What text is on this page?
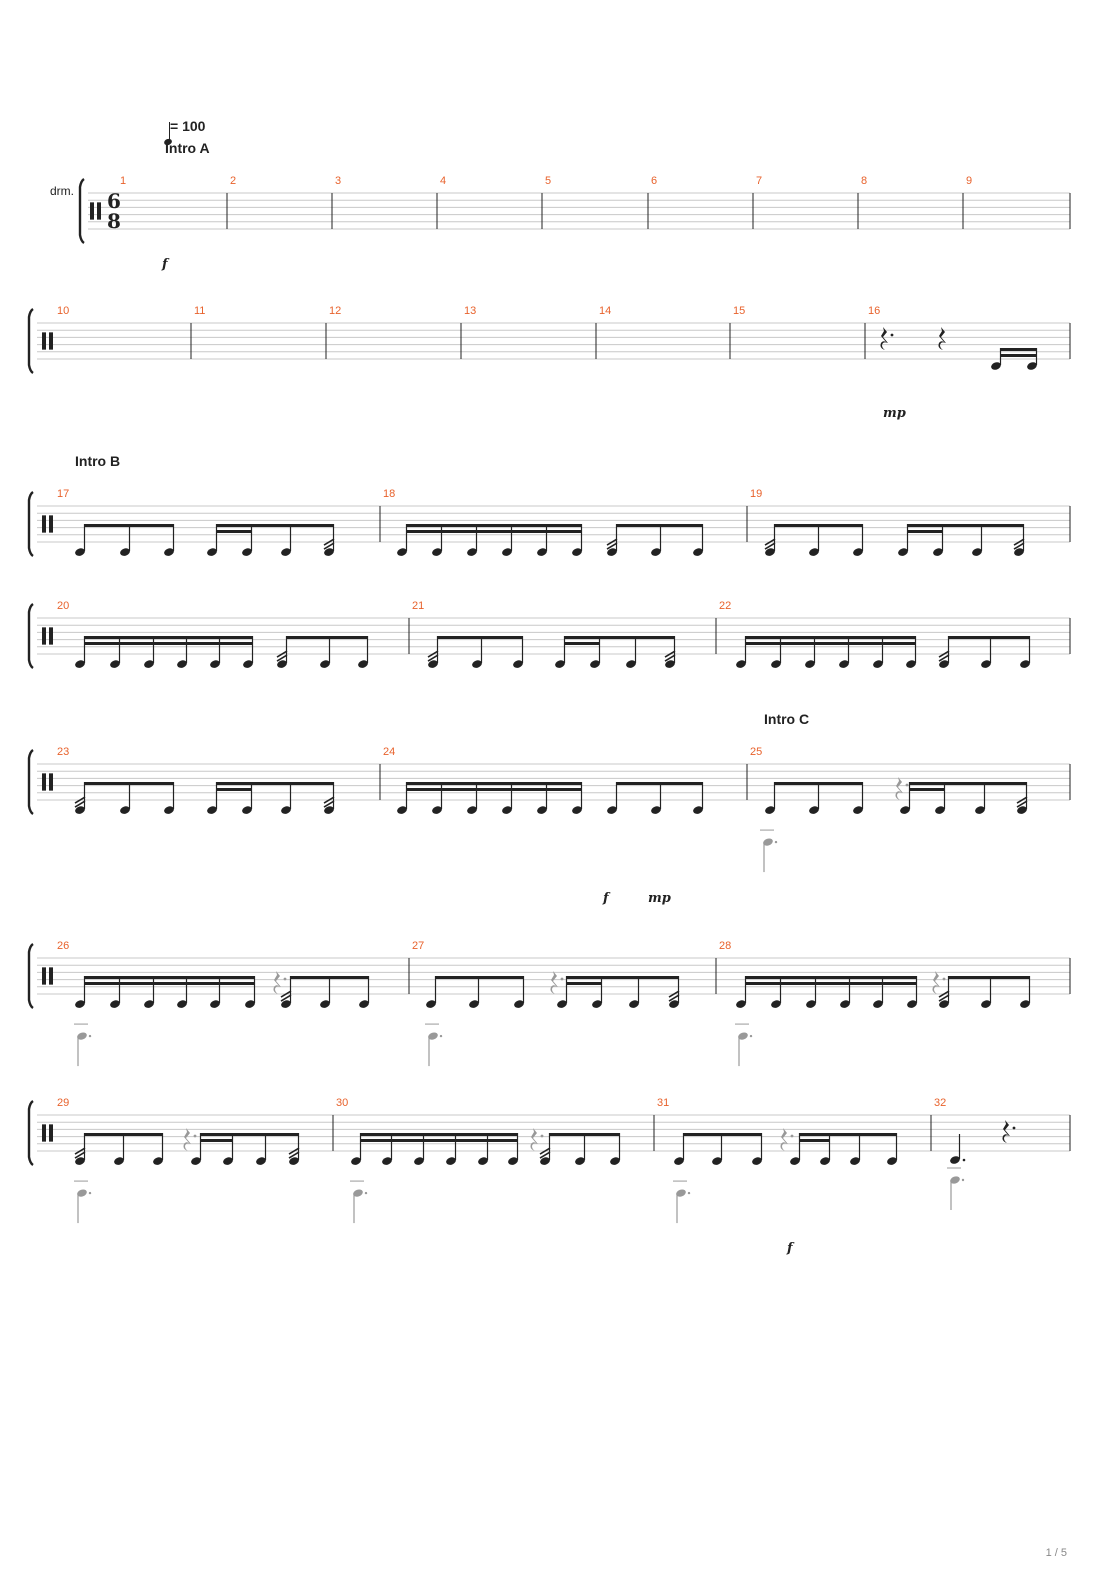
= 100
Intro A
Intro B
Intro C
drm.
1 / 5
6
8
1	2	3	4	5	6	7	8	9
10	11	12	13	14	15	16
17	18	19
20	21	22
23	24	25
26	27	28
29	30	31	32
f
mp
f	mp
f
